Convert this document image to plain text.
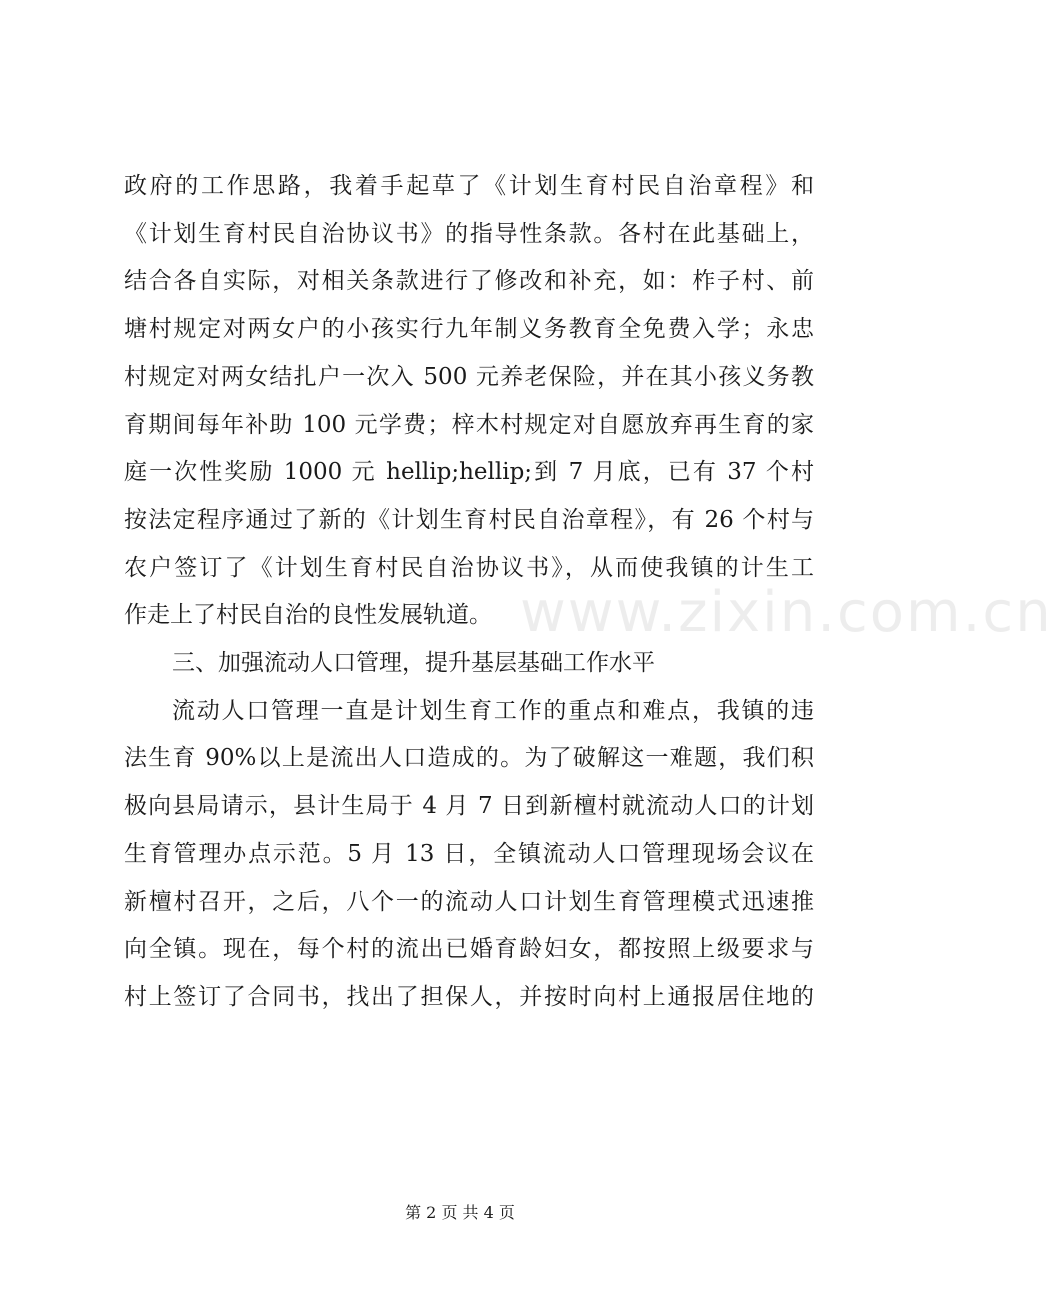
政府的工作思路，我着手起草了《计划生育村民自治章程》和
《计划生育村民自治协议书》的指导性条款。各村在此基础上，
结合各自实际，对相关条款进行了修改和补充，如：柞子村、前
塘村规定对两女户的小孩实行九年制义务教育全免费入学；永忠
村规定对两女结扎户一次入 500 元养老保险，并在其小孩义务教
育期间每年补助 100 元学费；梓木村规定对自愿放弃再生育的家
庭一次性奖励 1000 元 hellip;hellip;到 7 月底，已有 37 个村
按法定程序通过了新的《计划生育村民自治章程》，有 26 个村与
农户签订了《计划生育村民自治协议书》，从而使我镇的计生工
作走上了村民自治的良性发展轨道。
三、加强流动人口管理，提升基层基础工作水平
流动人口管理一直是计划生育工作的重点和难点，我镇的违
法生育 90%以上是流出人口造成的。为了破解这一难题，我们积
极向县局请示，县计生局于 4 月 7 日到新檀村就流动人口的计划
生育管理办点示范。5 月 13 日，全镇流动人口管理现场会议在
新檀村召开，之后，八个一的流动人口计划生育管理模式迅速推
向全镇。现在，每个村的流出已婚育龄妇女，都按照上级要求与
村上签订了合同书，找出了担保人，并按时向村上通报居住地的
www.zixin.com.cn
第 2 页 共 4 页
